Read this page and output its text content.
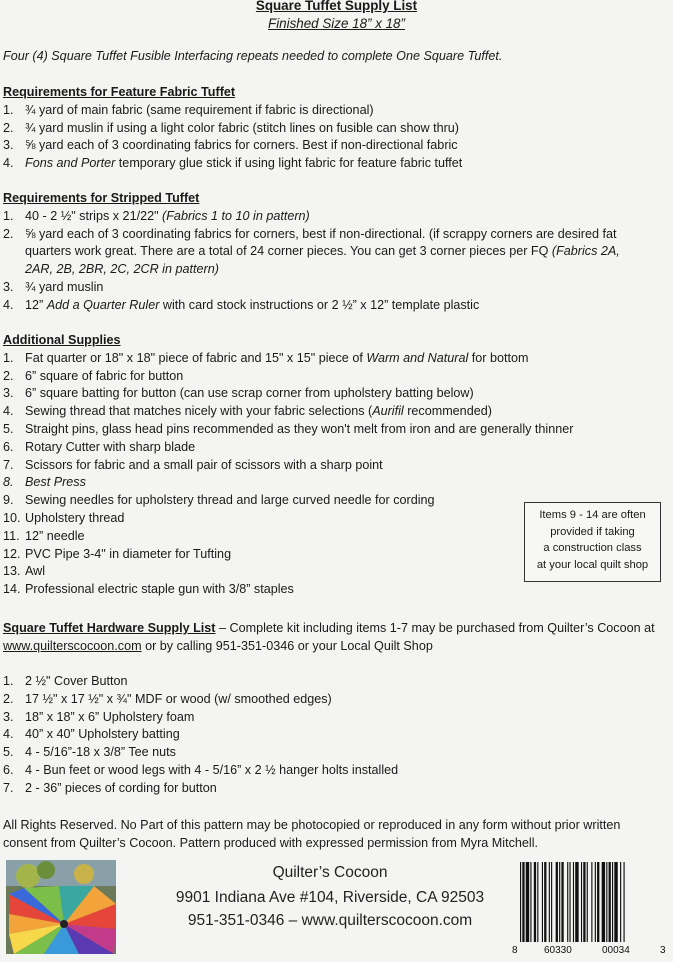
Square Tuffet Supply List
Finished Size 18” x 18”
Four (4) Square Tuffet Fusible Interfacing repeats needed to complete One Square Tuffet.
Requirements for Feature Fabric Tuffet
1. ¾ yard of main fabric (same requirement if fabric is directional)
2. ¾ yard muslin if using a light color fabric (stitch lines on fusible can show thru)
3. ⅝ yard each of 3 coordinating fabrics for corners. Best if non-directional fabric
4. Fons and Porter temporary glue stick if using light fabric for feature fabric tuffet
Requirements for Stripped Tuffet
1. 40 - 2 ½" strips x 21/22" (Fabrics 1 to 10 in pattern)
2. ⅝ yard each of 3 coordinating fabrics for corners, best if non-directional. (if scrappy corners are desired fat quarters work great. There are a total of 24 corner pieces. You can get 3 corner pieces per FQ (Fabrics 2A, 2AR, 2B, 2BR, 2C, 2CR in pattern)
3. ¾ yard muslin
4. 12” Add a Quarter Ruler with card stock instructions or 2 ½” x 12” template plastic
Additional Supplies
1. Fat quarter or 18" x 18" piece of fabric and 15" x 15" piece of Warm and Natural for bottom
2. 6” square of fabric for button
3. 6” square batting for button (can use scrap corner from upholstery batting below)
4. Sewing thread that matches nicely with your fabric selections (Aurifil recommended)
5. Straight pins, glass head pins recommended as they won't melt from iron and are generally thinner
6. Rotary Cutter with sharp blade
7. Scissors for fabric and a small pair of scissors with a sharp point
8. Best Press
9. Sewing needles for upholstery thread and large curved needle for cording
10. Upholstery thread
11. 12” needle
12. PVC Pipe 3-4" in diameter for Tufting
13. Awl
14. Professional electric staple gun with 3/8” staples
Items 9 - 14 are often
provided if taking
a construction class
at your local quilt shop
Square Tuffet Hardware Supply List – Complete kit including items 1-7 may be purchased from Quilter’s Cocoon at www.quilterscocoon.com or by calling 951-351-0346 or your Local Quilt Shop
1. 2 ½" Cover Button
2. 17 ½" x 17 ½" x ¾" MDF or wood (w/ smoothed edges)
3. 18” x 18” x 6” Upholstery foam
4. 40” x 40” Upholstery batting
5. 4 - 5/16”-18 x 3/8” Tee nuts
6. 4 - Bun feet or wood legs with 4 - 5/16” x 2 ½ hanger holts installed
7. 2 - 36” pieces of cording for button
All Rights Reserved. No Part of this pattern may be photocopied or reproduced in any form without prior written consent from Quilter’s Cocoon. Pattern produced with expressed permission from Myra Mitchell.
Quilter’s Cocoon
9901 Indiana Ave #104, Riverside, CA 92503
951-351-0346 – www.quilterscocoon.com
8	60330	00034	3
